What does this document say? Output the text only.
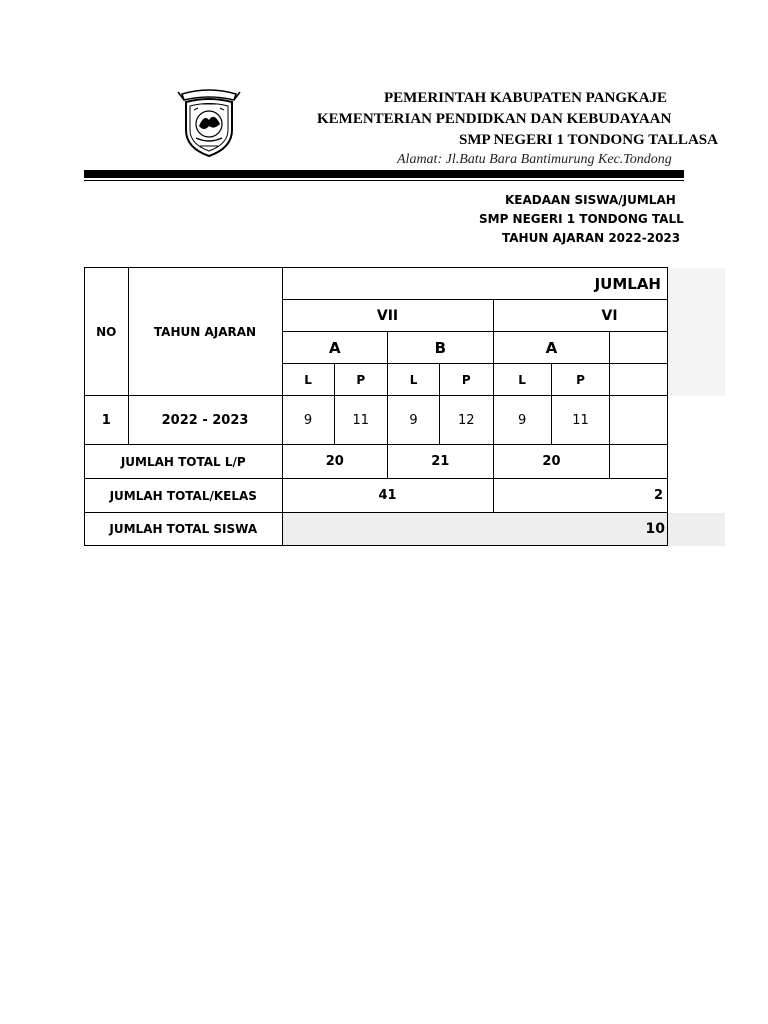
PEMERINTAH KABUPATEN PANGKAJE
KEMENTERIAN PENDIDKAN DAN KEBUDAYAAN
SMP NEGERI 1 TONDONG TALLASA
Alamat: Jl.Batu Bara Bantimurung Kec.Tondong
KEADAAN SISWA/JUMLAH
SMP NEGERI 1 TONDONG TALL
TAHUN AJARAN 2022-2023
NO	TAHUN AJARAN	JUMLAH						
		VII				VI		
		A		B		A		
		L	P	L	P	L	P	
1	2022 - 2023	9	11	9	12	9	11	
JUMLAH TOTAL L/P		20		21		20		
JUMLAH TOTAL/KELAS		41				2		
JUMLAH TOTAL SISWA		10						
